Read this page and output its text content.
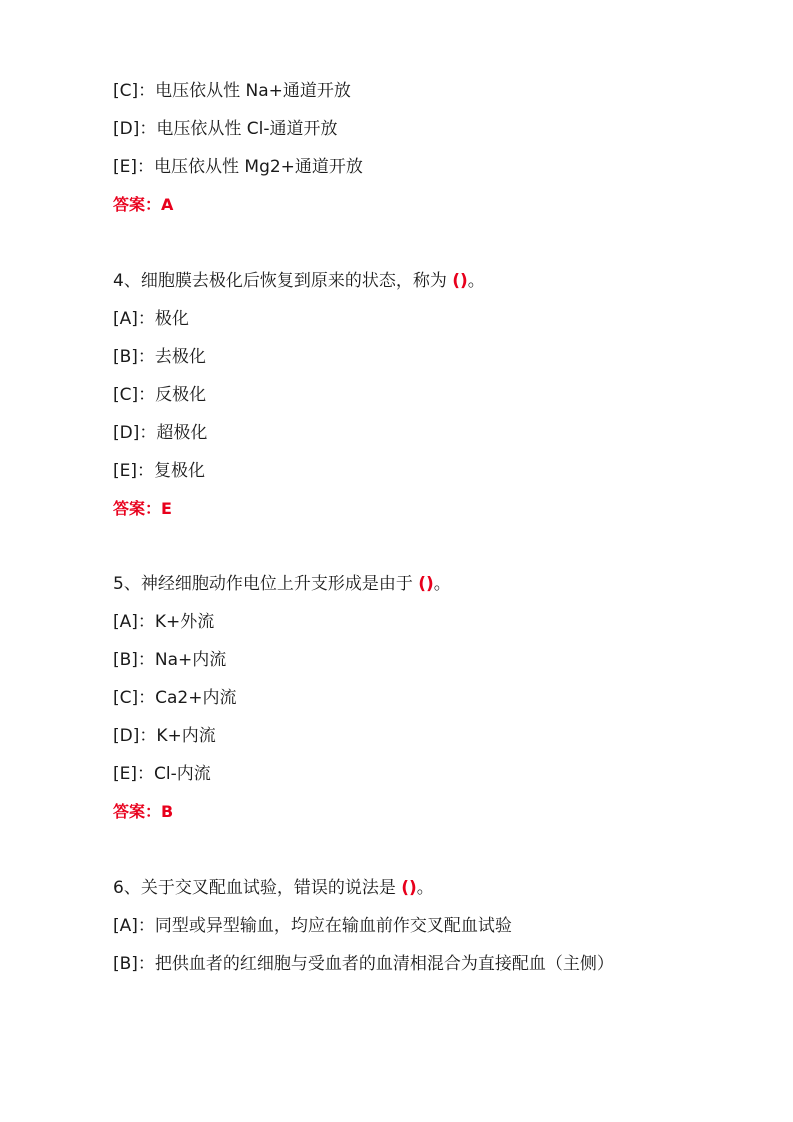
[C]：电压依从性 Na+通道开放
[D]：电压依从性 Cl-通道开放
[E]：电压依从性 Mg2+通道开放
答案：A
4、细胞膜去极化后恢复到原来的状态，称为 ()。
[A]：极化
[B]：去极化
[C]：反极化
[D]：超极化
[E]：复极化
答案：E
5、神经细胞动作电位上升支形成是由于 ()。
[A]：K+外流
[B]：Na+内流
[C]：Ca2+内流
[D]：K+内流
[E]：Cl-内流
答案：B
6、关于交叉配血试验，错误的说法是 ()。
[A]：同型或异型输血，均应在输血前作交叉配血试验
[B]：把供血者的红细胞与受血者的血清相混合为直接配血（主侧）
